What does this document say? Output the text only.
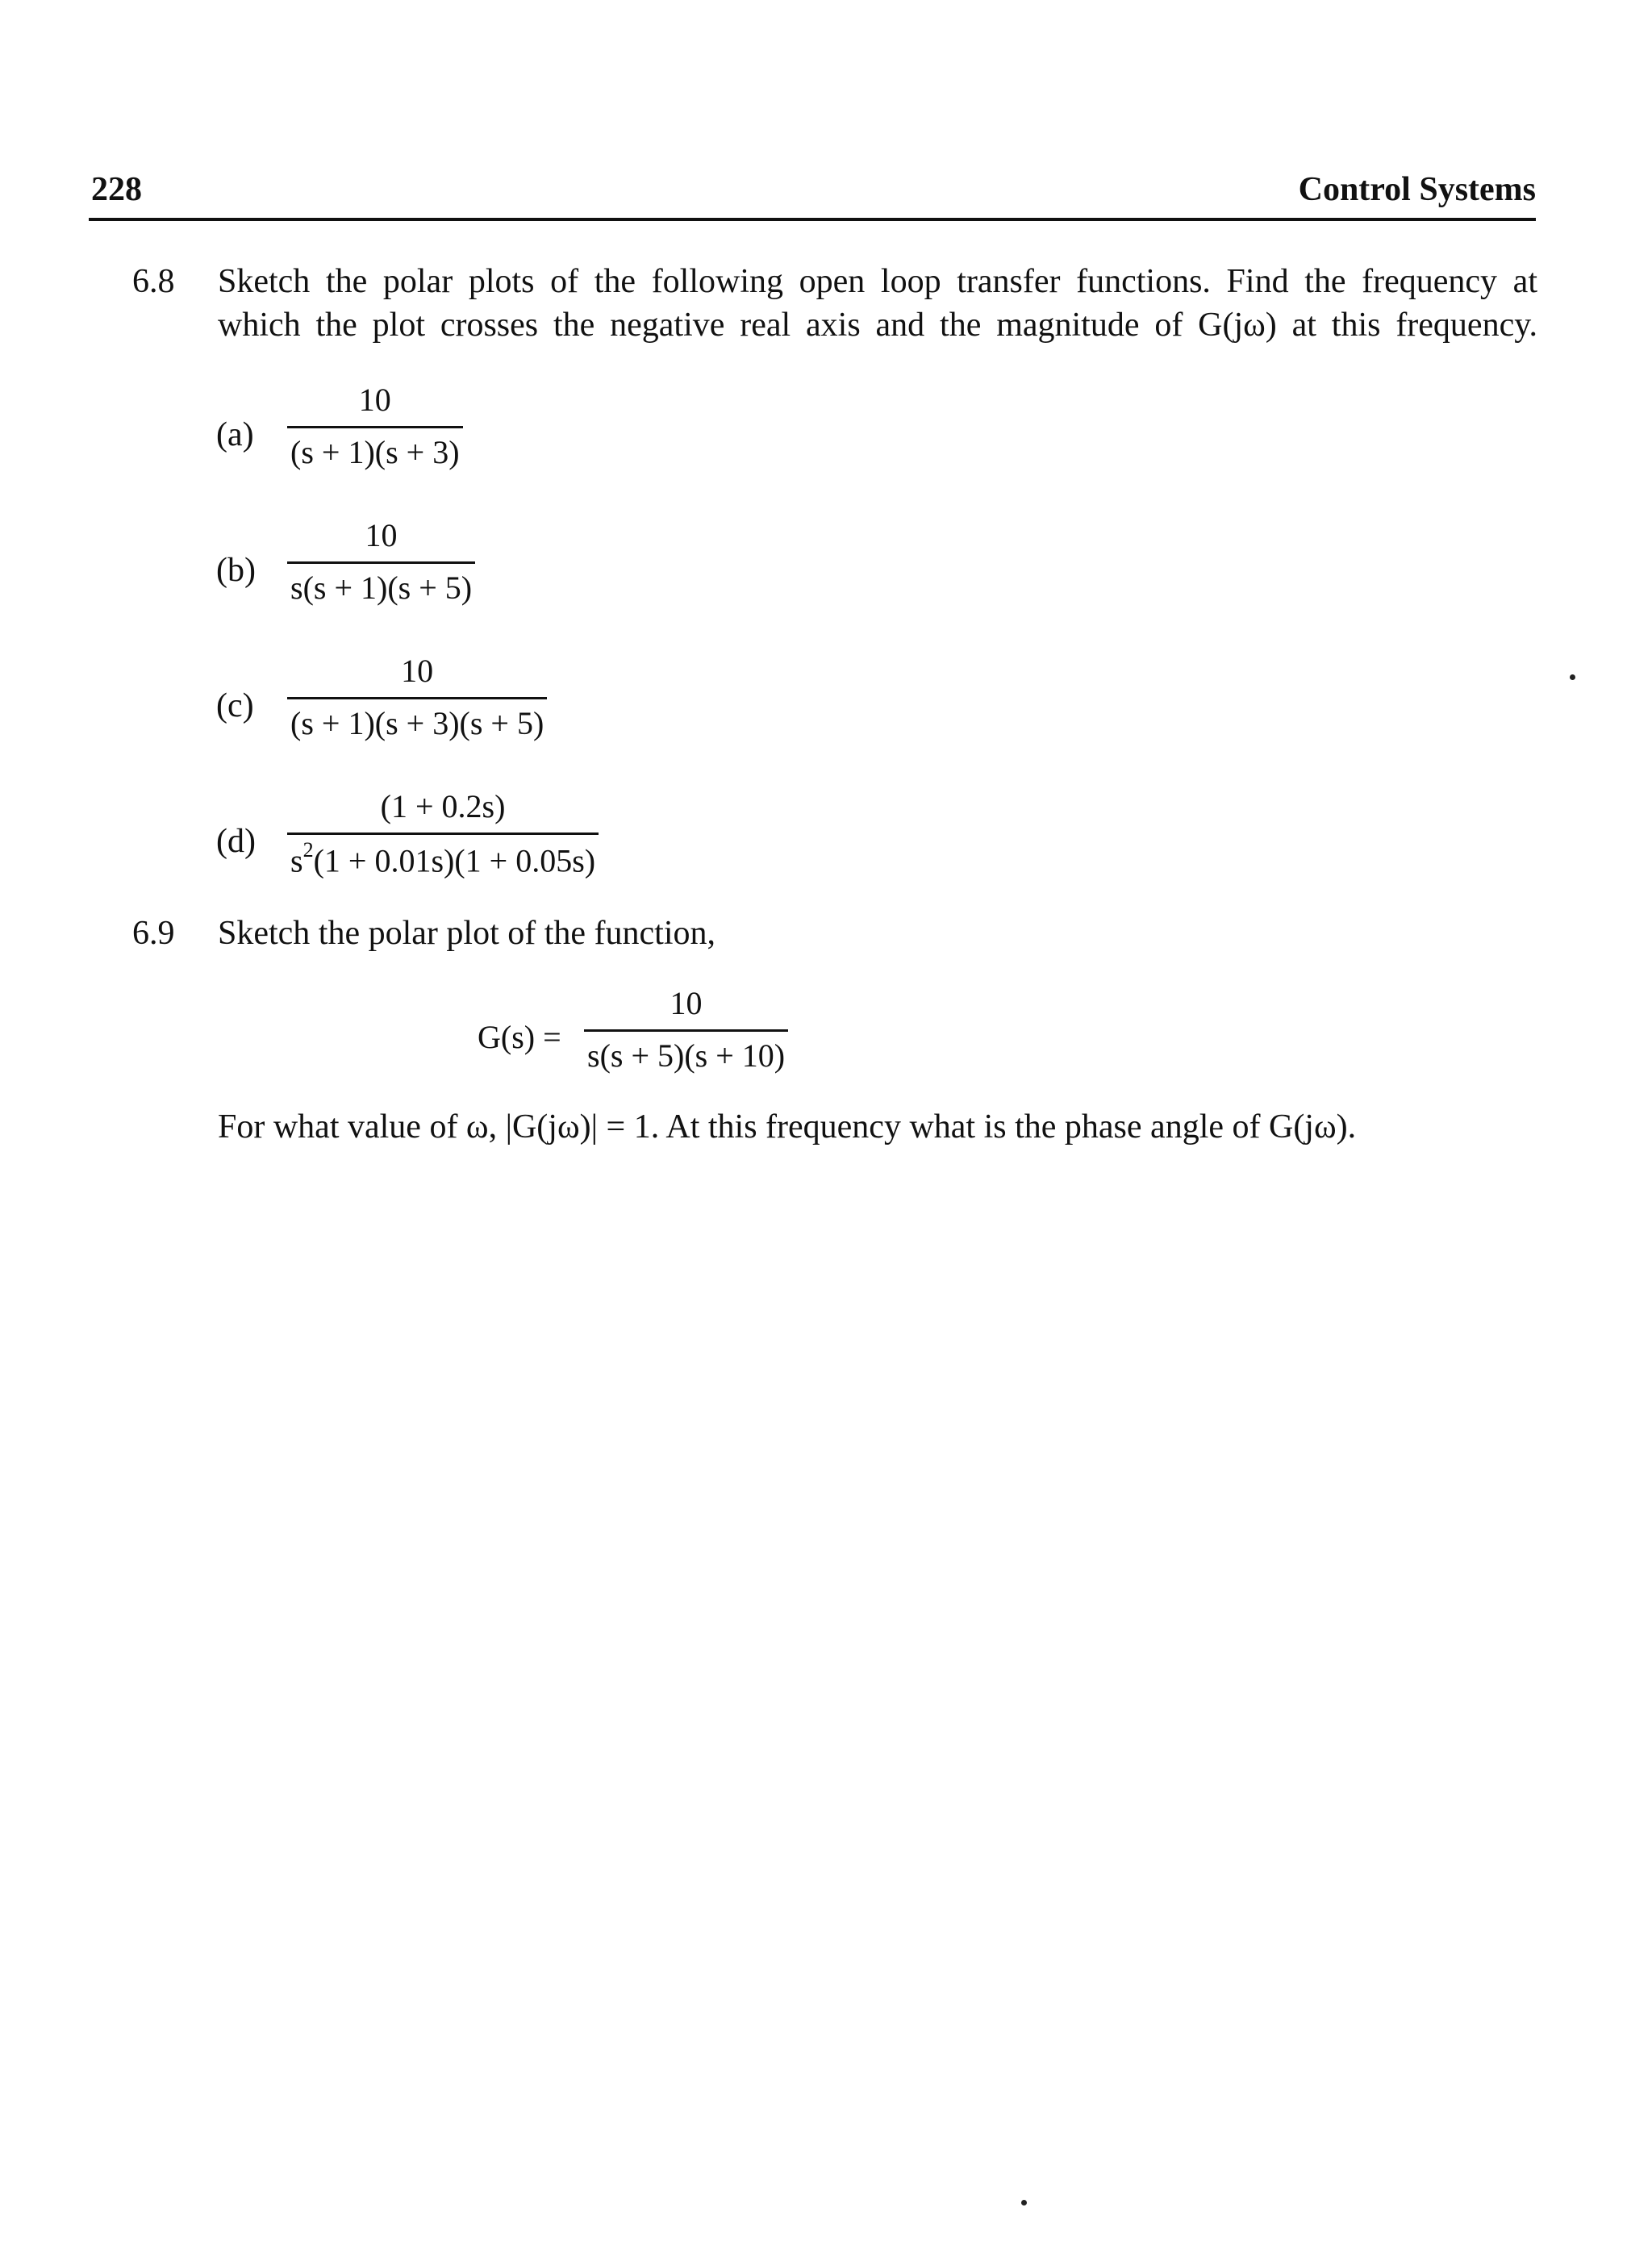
228	Control Systems
6.8 Sketch the polar plots of the following open loop transfer functions. Find the frequency at
which the plot crosses the negative real axis and the magnitude of G(jω) at this frequency.
(a)
10
(s + 1)(s + 3)
(b)
10
s(s + 1)(s + 5)
(c)
10
(s + 1)(s + 3)(s + 5)
(d)
(1 + 0.2s)
$s^2(1 + 0.01s)(1 + 0.05s)$
6.9 Sketch the polar plot of the function,
G(s) =
10
s(s + 5)(s + 10)
For what value of ω, |G(jω)| = 1. At this frequency what is the phase angle of G(jω).
